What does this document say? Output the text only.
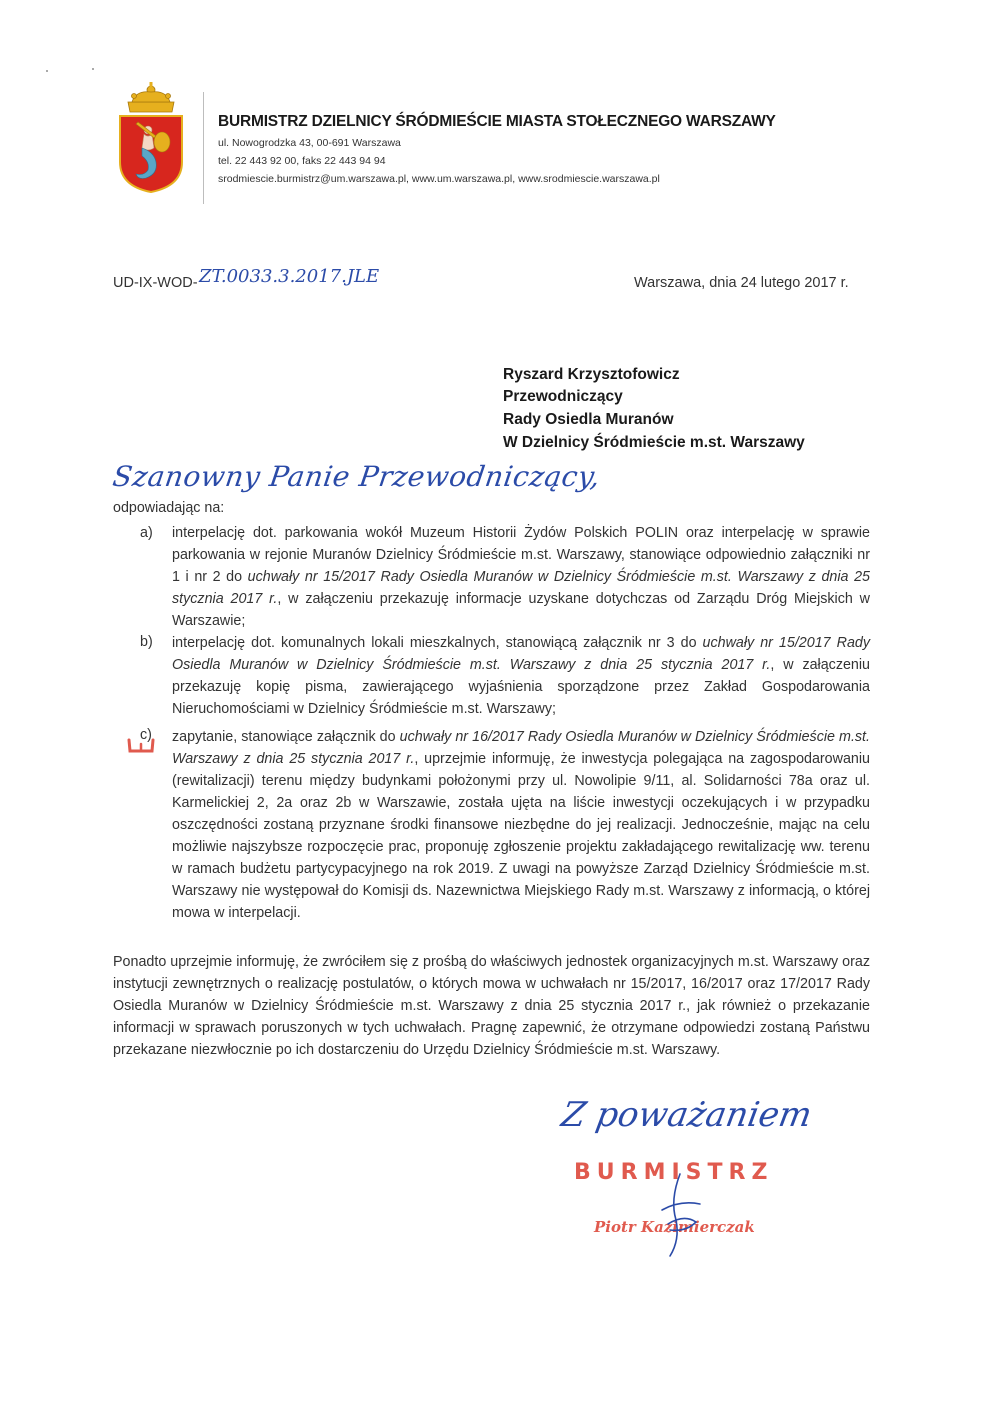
BURMISTRZ DZIELNICY ŚRÓDMIEŚCIE MIASTA STOŁECZNEGO WARSZAWY
ul. Nowogrodzka 43, 00-691 Warszawa
tel. 22 443 92 00, faks 22 443 94 94
srodmiescie.burmistrz@um.warszawa.pl, www.um.warszawa.pl, www.srodmiescie.warszawa.pl
UD-IX-WOD- ZT.0033.3.2017.JLE	Warszawa, dnia 24 lutego 2017 r.
Ryszard Krzysztofowicz
Przewodniczący
Rady Osiedla Muranów
W Dzielnicy Śródmieście m.st. Warszawy
Szanowny Panie Przewodniczący,
odpowiadając na:
a) interpelację dot. parkowania wokół Muzeum Historii Żydów Polskich POLIN oraz interpelację w sprawie parkowania w rejonie Muranów Dzielnicy Śródmieście m.st. Warszawy, stanowiące odpowiednio załączniki nr 1 i nr 2 do uchwały nr 15/2017 Rady Osiedla Muranów w Dzielnicy Śródmieście m.st. Warszawy z dnia 25 stycznia 2017 r., w załączeniu przekazuję informacje uzyskane dotychczas od Zarządu Dróg Miejskich w Warszawie;
b) interpelację dot. komunalnych lokali mieszkalnych, stanowiącą załącznik nr 3 do uchwały nr 15/2017 Rady Osiedla Muranów w Dzielnicy Śródmieście m.st. Warszawy z dnia 25 stycznia 2017 r., w załączeniu przekazuję kopię pisma, zawierającego wyjaśnienia sporządzone przez Zakład Gospodarowania Nieruchomościami w Dzielnicy Śródmieście m.st. Warszawy;
c) zapytanie, stanowiące załącznik do uchwały nr 16/2017 Rady Osiedla Muranów w Dzielnicy Śródmieście m.st. Warszawy z dnia 25 stycznia 2017 r., uprzejmie informuję, że inwestycja polegająca na zagospodarowaniu (rewitalizacji) terenu między budynkami położonymi przy ul. Nowolipie 9/11, al. Solidarności 78a oraz ul. Karmelickiej 2, 2a oraz 2b w Warszawie, została ujęta na liście inwestycji oczekujących i w przypadku oszczędności zostaną przyznane środki finansowe niezbędne do jej realizacji. Jednocześnie, mając na celu możliwie najszybsze rozpoczęcie prac, proponuję zgłoszenie projektu zakładającego rewitalizację ww. terenu w ramach budżetu partycypacyjnego na rok 2019. Z uwagi na powyższe Zarząd Dzielnicy Śródmieście m.st. Warszawy nie występował do Komisji ds. Nazewnictwa Miejskiego Rady m.st. Warszawy z informacją, o której mowa w interpelacji.
Ponadto uprzejmie informuję, że zwróciłem się z prośbą do właściwych jednostek organizacyjnych m.st. Warszawy oraz instytucji zewnętrznych o realizację postulatów, o których mowa w uchwałach nr 15/2017, 16/2017 oraz 17/2017 Rady Osiedla Muranów w Dzielnicy Śródmieście m.st. Warszawy z dnia 25 stycznia 2017 r., jak również o przekazanie informacji w sprawach poruszonych w tych uchwałach. Pragnę zapewnić, że otrzymane odpowiedzi zostaną Państwu przekazane niezwłocznie po ich dostarczeniu do Urzędu Dzielnicy Śródmieście m.st. Warszawy.
Z poważaniem
BURMISTRZ
Piotr Kazimierczak
